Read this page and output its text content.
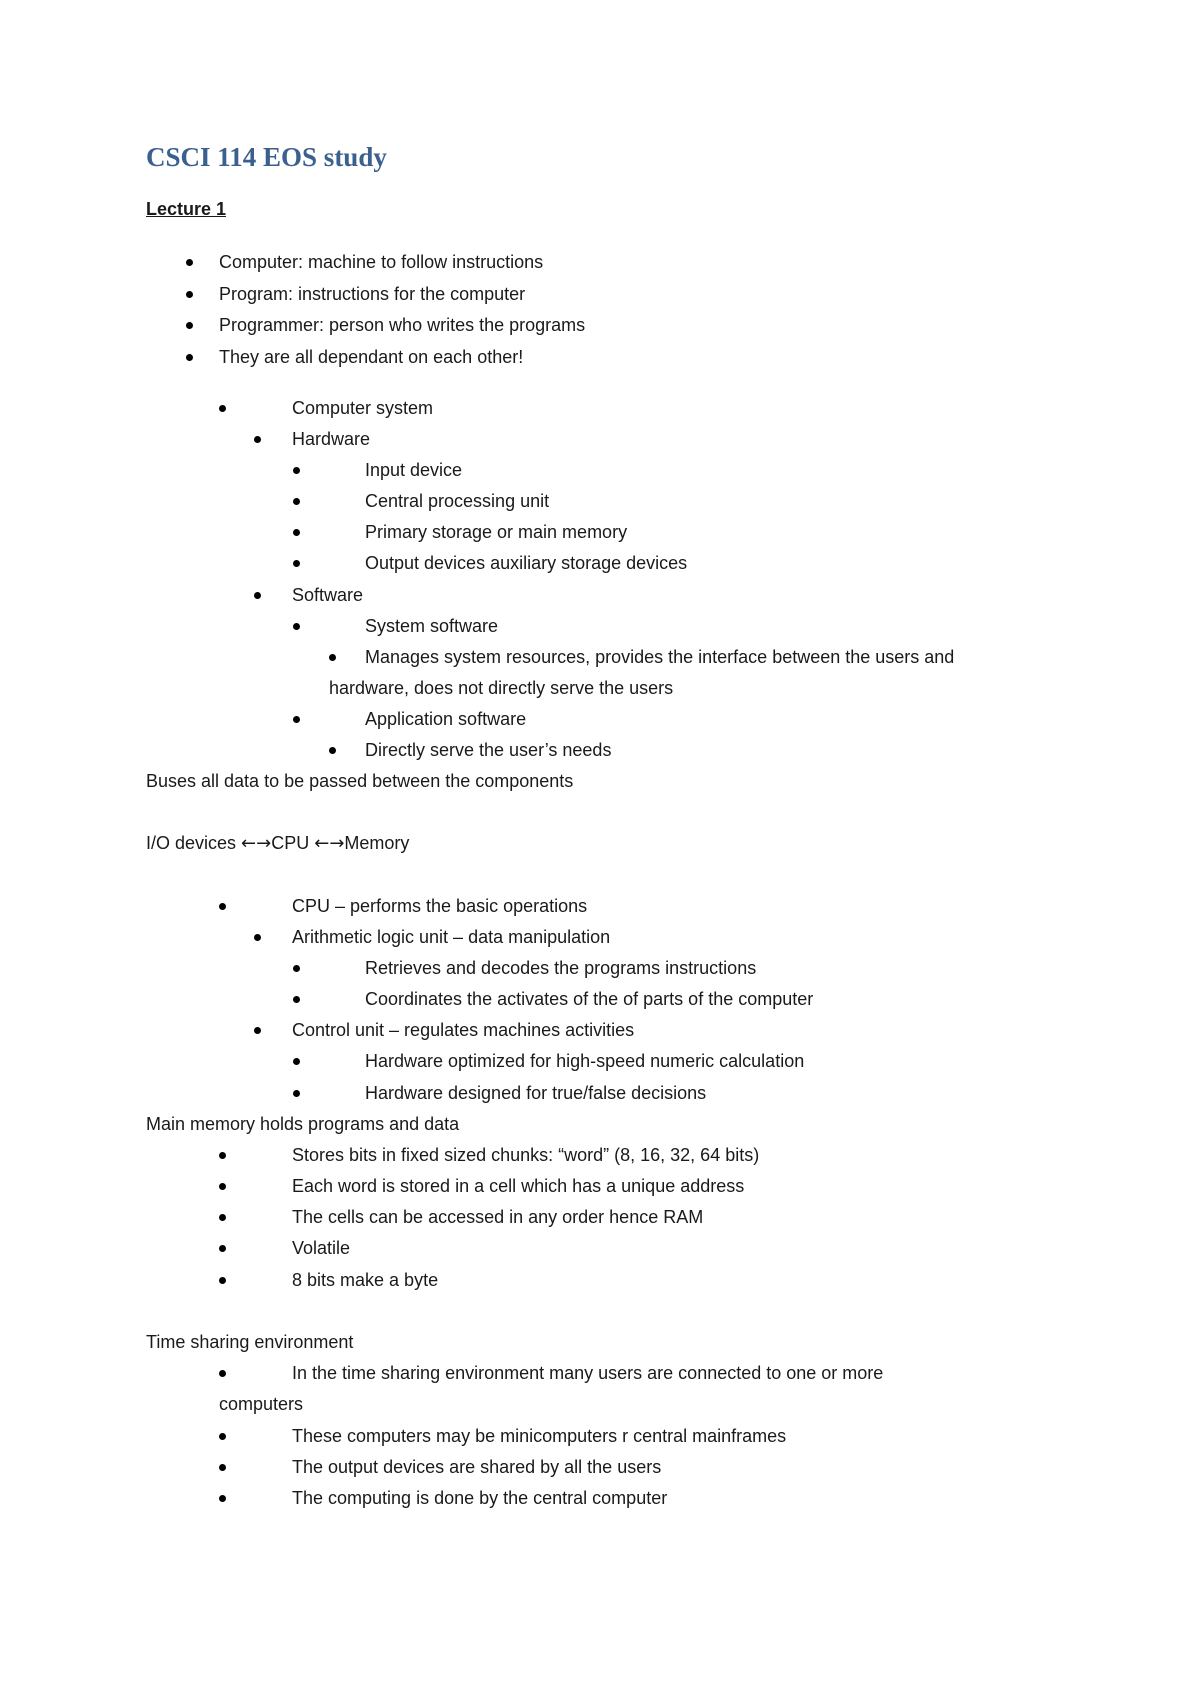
CSCI 114 EOS study
Lecture 1
Computer: machine to follow instructions
Program: instructions for the computer
Programmer: person who writes the programs
They are all dependant on each other!
Computer system
Hardware
Input device
Central processing unit
Primary storage or main memory
Output devices auxiliary storage devices
Software
System software
Manages system resources, provides the interface between the users and
hardware, does not directly serve the users
Application software
Directly serve the user’s needs
Buses all data to be passed between the components
I/O devices ←→CPU ←→Memory
CPU – performs the basic operations
Arithmetic logic unit – data manipulation
Retrieves and decodes the programs instructions
Coordinates the activates of the of parts of the computer
Control unit – regulates machines activities
Hardware optimized for high-speed numeric calculation
Hardware designed for true/false decisions
Main memory holds programs and data
Stores bits in fixed sized chunks: “word” (8, 16, 32, 64 bits)
Each word is stored in a cell which has a unique address
The cells can be accessed in any order hence RAM
Volatile
8 bits make a byte
Time sharing environment
In the time sharing environment many users are connected to one or more
computers
These computers may be minicomputers r central mainframes
The output devices are shared by all the users
The computing is done by the central computer
